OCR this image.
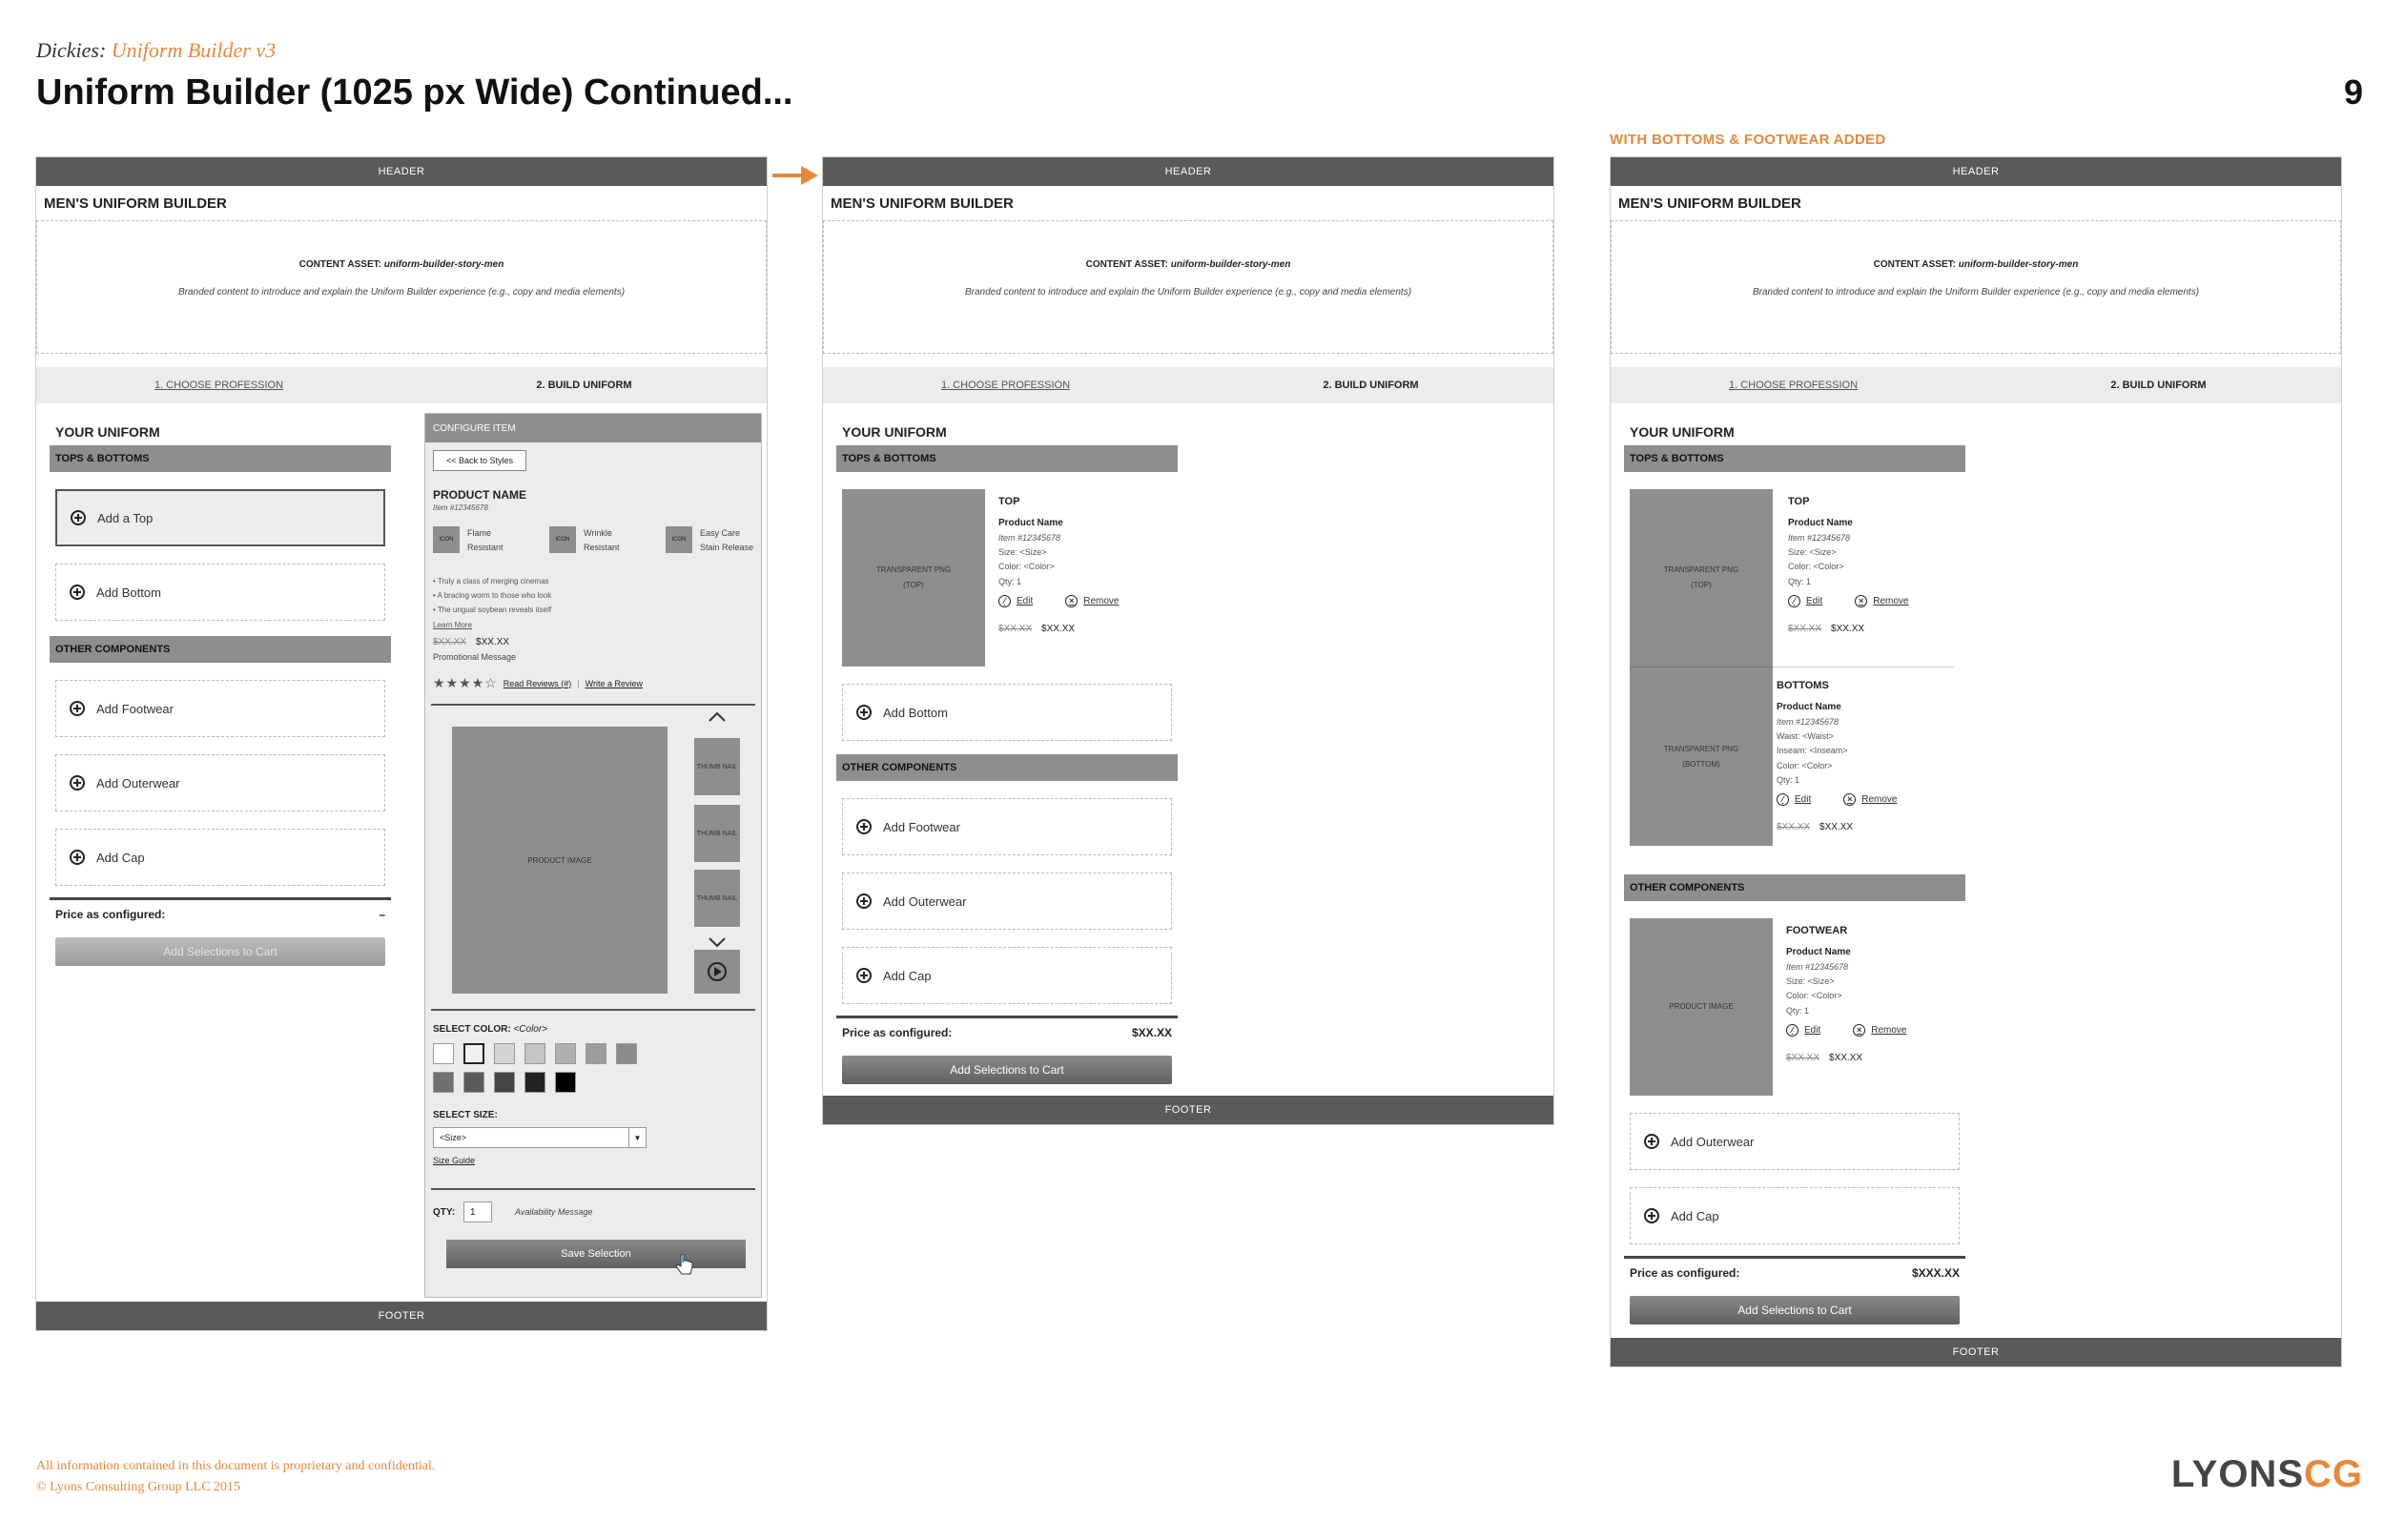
Dickies: Uniform Builder v3
Uniform Builder (1025 px Wide) Continued...	9
WITH BOTTOMS & FOOTWEAR ADDED
All information contained in this document is proprietary and confidential.
© Lyons Consulting Group LLC 2015	LYONSCG
HEADER
MEN'S UNIFORM BUILDER
CONTENT ASSET: uniform-builder-story-men
Branded content to introduce and explain the Uniform Builder experience (e.g., copy and media elements)
1. CHOOSE PROFESSION	2. BUILD UNIFORM
YOUR UNIFORM
TOPS & BOTTOMS
Add a Top
Add Bottom
OTHER COMPONENTS
Add Footwear
Add Outerwear
Add Cap
Price as configured:	–
Add Selections to Cart
CONFIGURE ITEM
<< Back to Styles
PRODUCT NAME
Item #12345678
ICON
Flame
Resistant
ICON
Wrinkle
Resistant
ICON
Easy Care
Stain Release
• Truly a class of merging cinemas
• A bracing worm to those who look
• The ungual soybean reveals itself
Learn More
$XX.XX $XX.XX
Promotional Message
★★★★☆ Read Reviews (#) | Write a Review
PRODUCT IMAGE
THUMB NAIL
THUMB NAIL
THUMB NAIL
SELECT COLOR: <Color>
SELECT SIZE:
<Size>	▼
Size Guide
QTY:	1	Availability Message
Save Selection
FOOTER
HEADER
MEN'S UNIFORM BUILDER
CONTENT ASSET: uniform-builder-story-men
Branded content to introduce and explain the Uniform Builder experience (e.g., copy and media elements)
1. CHOOSE PROFESSION	2. BUILD UNIFORM
YOUR UNIFORM
TOPS & BOTTOMS
TRANSPARENT PNG
(TOP)
TOP
Product Name
Item #12345678
Size: <Size>
Color: <Color>
Qty: 1
⁄	Edit	× Remove
$XX.XX $XX.XX
Add Bottom
OTHER COMPONENTS
Add Footwear
Add Outerwear
Add Cap
Price as configured:	$XX.XX
Add Selections to Cart
FOOTER
HEADER
MEN'S UNIFORM BUILDER
CONTENT ASSET: uniform-builder-story-men
Branded content to introduce and explain the Uniform Builder experience (e.g., copy and media elements)
1. CHOOSE PROFESSION	2. BUILD UNIFORM
YOUR UNIFORM
TOPS & BOTTOMS
TRANSPARENT PNG
(TOP)
TOP
Product Name
Item #12345678
Size: <Size>
Color: <Color>
Qty: 1
⁄	Edit	× Remove
$XX.XX $XX.XX
TRANSPARENT PNG
(BOTTOM)
BOTTOMS
Product Name
Item #12345678
Waist: <Waist>
Inseam: <Inseam>
Color: <Color>
Qty: 1
⁄	Edit	× Remove
$XX.XX $XX.XX
OTHER COMPONENTS
PRODUCT IMAGE
FOOTWEAR
Product Name
Item #12345678
Size: <Size>
Color: <Color>
Qty: 1
⁄	Edit	× Remove
$XX.XX $XX.XX
Add Outerwear
Add Cap
Price as configured:	$XXX.XX
Add Selections to Cart
FOOTER
